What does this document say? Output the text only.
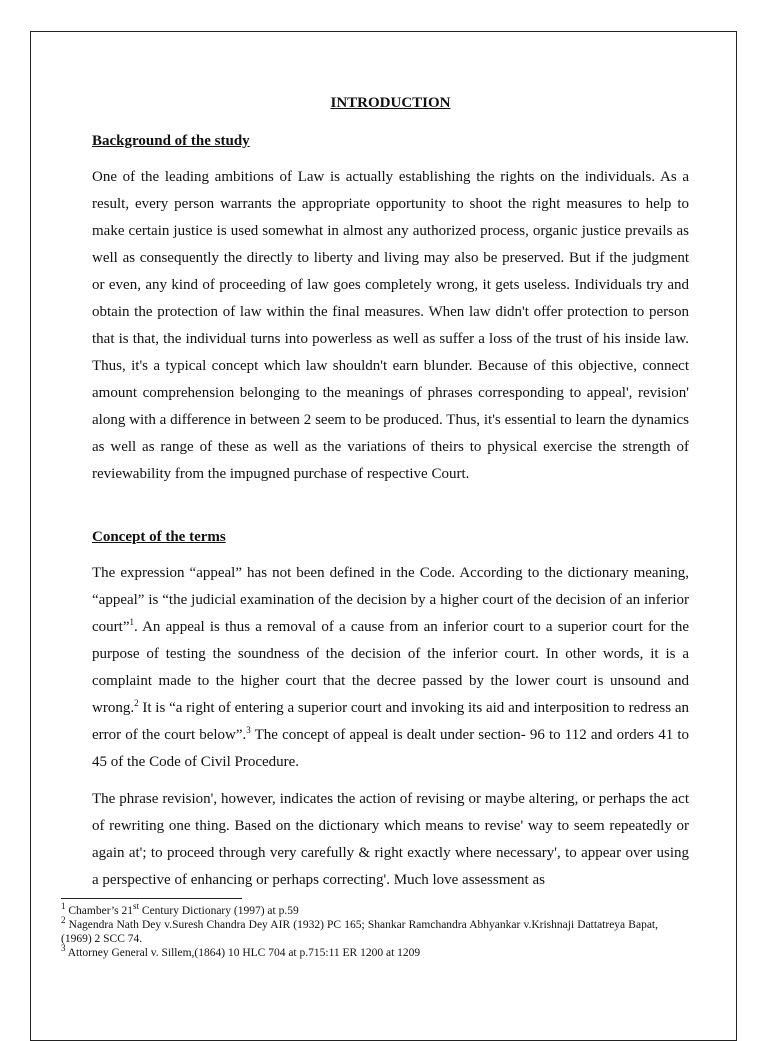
INTRODUCTION
Background of the study

One of the leading ambitions of Law is actually establishing the rights on the individuals. As a result, every person warrants the appropriate opportunity to shoot the right measures to help to make certain justice is used somewhat in almost any authorized process, organic justice prevails as well as consequently the directly to liberty and living may also be preserved. But if the judgment or even, any kind of proceeding of law goes completely wrong, it gets useless. Individuals try and obtain the protection of law within the final measures. When law didn't offer protection to person that is that, the individual turns into powerless as well as suffer a loss of the trust of his inside law. Thus, it's a typical concept which law shouldn't earn blunder. Because of this objective, connect amount comprehension belonging to the meanings of phrases corresponding to appeal', revision' along with a difference in between 2 seem to be produced. Thus, it's essential to learn the dynamics as well as range of these as well as the variations of theirs to physical exercise the strength of reviewability from the impugned purchase of respective Court.

Concept of the terms

The expression “appeal” has not been defined in the Code. According to the dictionary meaning, “appeal” is “the judicial examination of the decision by a higher court of the decision of an inferior court”$^1$. An appeal is thus a removal of a cause from an inferior court to a superior court for the purpose of testing the soundness of the decision of the inferior court. In other words, it is a complaint made to the higher court that the decree passed by the lower court is unsound and wrong.$^2$ It is “a right of entering a superior court and invoking its aid and interposition to redress an error of the court below”.$^3$ The concept of appeal is dealt under section- 96 to 112 and orders 41 to 45 of the Code of Civil Procedure.

The phrase revision', however, indicates the action of revising or maybe altering, or perhaps the act of rewriting one thing. Based on the dictionary which means to revise' way to seem repeatedly or again at'; to proceed through very carefully & right exactly where necessary', to appear over using a perspective of enhancing or perhaps correcting'. Much love assessment as

$^1$ Chamber’s 21st Century Dictionary (1997) at p.59

$^2$ Nagendra Nath Dey v.Suresh Chandra Dey AIR (1932) PC 165; Shankar Ramchandra Abhyankar v.Krishnaji Dattatreya Bapat, (1969) 2 SCC 74.

$^3$ Attorney General v. Sillem,(1864) 10 HLC 704 at p.715:11 ER 1200 at 1209
